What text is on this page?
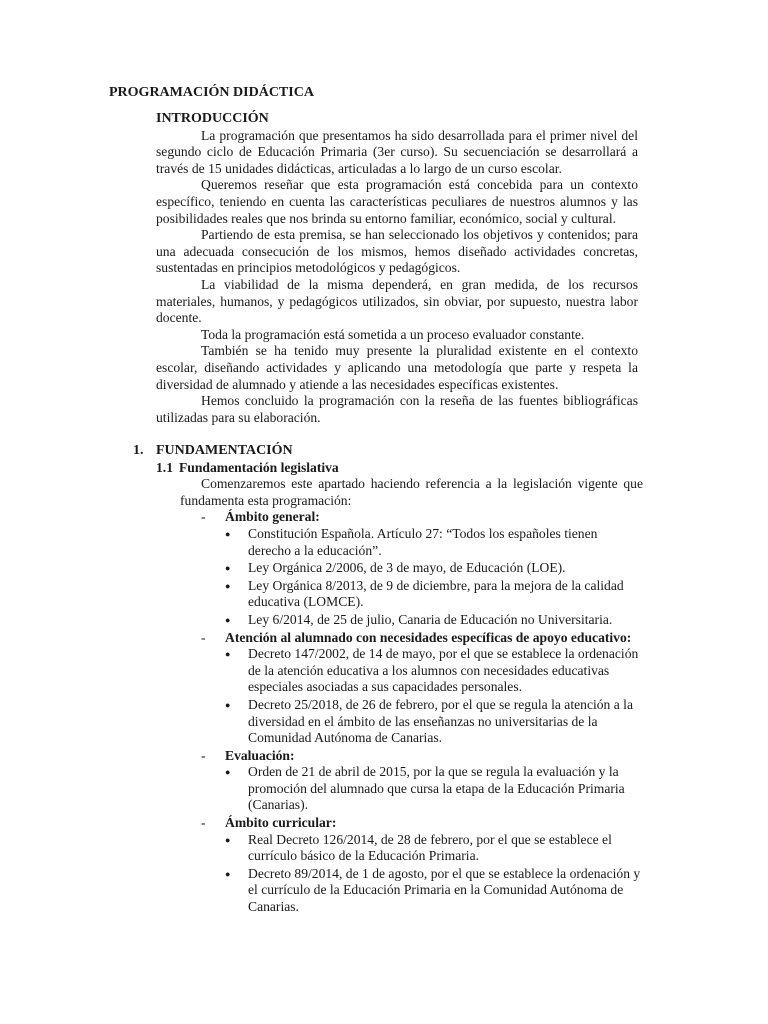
PROGRAMACIÓN DIDÁCTICA

INTRODUCCIÓN

La programación que presentamos ha sido desarrollada para el primer nivel del segundo ciclo de Educación Primaria (3er curso). Su secuenciación se desarrollará a través de 15 unidades didácticas, articuladas a lo largo de un curso escolar.

Queremos reseñar que esta programación está concebida para un contexto específico, teniendo en cuenta las características peculiares de nuestros alumnos y las posibilidades reales que nos brinda su entorno familiar, económico, social y cultural.

Partiendo de esta premisa, se han seleccionado los objetivos y contenidos; para una adecuada consecución de los mismos, hemos diseñado actividades concretas, sustentadas en principios metodológicos y pedagógicos.

La viabilidad de la misma dependerá, en gran medida, de los recursos materiales, humanos, y pedagógicos utilizados, sin obviar, por supuesto, nuestra labor docente.

Toda la programación está sometida a un proceso evaluador constante.

También se ha tenido muy presente la pluralidad existente en el contexto escolar, diseñando actividades y aplicando una metodología que parte y respeta la diversidad de alumnado y atiende a las necesidades específicas existentes.

Hemos concluido la programación con la reseña de las fuentes bibliográficas utilizadas para su elaboración.

1. FUNDAMENTACIÓN
1.1 Fundamentación legislativa

Comenzaremos este apartado haciendo referencia a la legislación vigente que fundamenta esta programación:

-	Ámbito general:
●	Constitución Española. Artículo 27: “Todos los españoles tienen derecho a la educación”.
●	Ley Orgánica 2/2006, de 3 de mayo, de Educación (LOE).
●	Ley Orgánica 8/2013, de 9 de diciembre, para la mejora de la calidad educativa (LOMCE).
●	Ley 6/2014, de 25 de julio, Canaria de Educación no Universitaria.
-	Atención al alumnado con necesidades específicas de apoyo educativo:
●	Decreto 147/2002, de 14 de mayo, por el que se establece la ordenación de la atención educativa a los alumnos con necesidades educativas especiales asociadas a sus capacidades personales.
●	Decreto 25/2018, de 26 de febrero, por el que se regula la atención a la diversidad en el ámbito de las enseñanzas no universitarias de la Comunidad Autónoma de Canarias.
-	Evaluación:
●	Orden de 21 de abril de 2015, por la que se regula la evaluación y la promoción del alumnado que cursa la etapa de la Educación Primaria (Canarias).
-	Ámbito curricular:
●	Real Decreto 126/2014, de 28 de febrero, por el que se establece el currículo básico de la Educación Primaria.
●	Decreto 89/2014, de 1 de agosto, por el que se establece la ordenación y el currículo de la Educación Primaria en la Comunidad Autónoma de Canarias.
